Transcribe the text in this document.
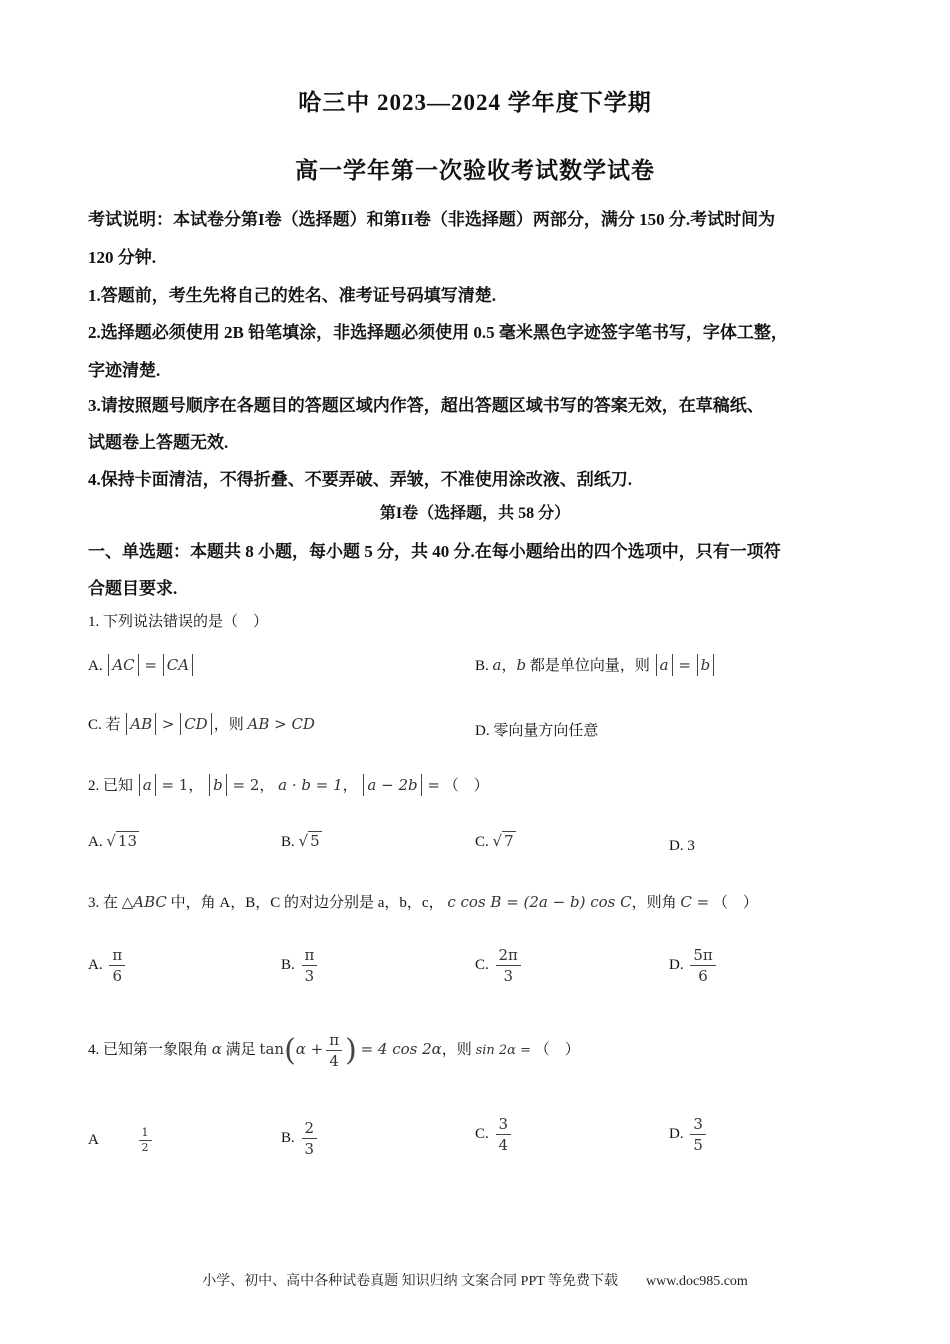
哈三中 2023—2024 学年度下学期
高一学年第一次验收考试数学试卷
考试说明：本试卷分第I卷（选择题）和第II卷（非选择题）两部分，满分 150 分.考试时间为
120 分钟.
1.答题前，考生先将自己的姓名、准考证号码填写清楚.
2.选择题必须使用 2B 铅笔填涂，非选择题必须使用 0.5 毫米黑色字迹签字笔书写，字体工整，
字迹清楚.
3.请按照题号顺序在各题目的答题区域内作答，超出答题区域书写的答案无效，在草稿纸、
试题卷上答题无效.
4.保持卡面清洁，不得折叠、不要弄破、弄皱，不准使用涂改液、刮纸刀.
第I卷（选择题，共 58 分）
一、单选题：本题共 8 小题，每小题 5 分，共 40 分.在每小题给出的四个选项中，只有一项符
合题目要求.
1. 下列说法错误的是（　）
A. AC = CA	B. a，b 都是单位向量，则 a = b
C. 若 AB > CD ，则 AB > CD	D. 零向量方向任意
2. 已知 a = 1， b = 2， a · b = 1， a − 2b = （　）
A. √ 13	B. √ 5	C. √ 7	D. 3
3. 在 △ABC 中，角 A，B，C 的对边分别是 a，b，c， c cos B = (2a − b) cos C，则角 C = （　）
A. $\frac{\pi}{6}$	B. $\frac{\pi}{3}$	C. $\frac{2\pi}{3}$	D. $\frac{5\pi}{6}$
4. 已知第一象限角 α 满足 $\tan(\alpha + \frac{\pi}{4}$ ) = 4 cos 2α，则 sin 2α = （　）
A	$\frac{1}{2}$	B. $\frac{2}{3}$	C. $\frac{3}{4}$	D. $\frac{3}{5}$
小学、初中、高中各种试卷真题 知识归纳 文案合同 PPT 等免费下载　　www.doc985.com
